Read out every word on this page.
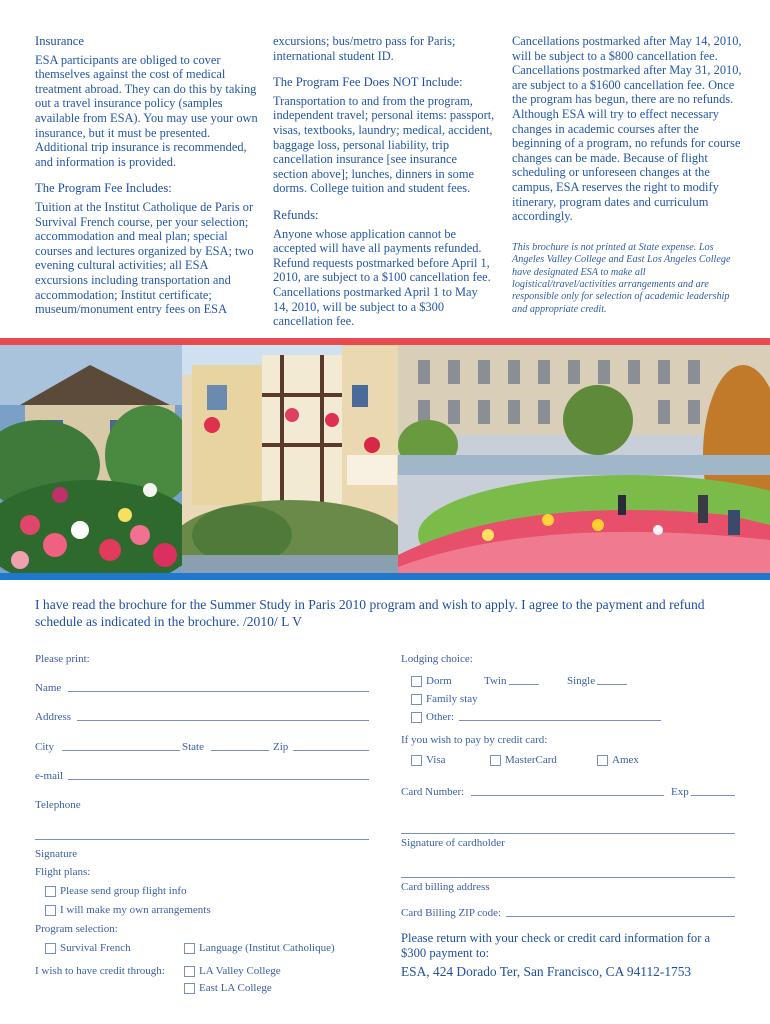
Insurance

ESA participants are obliged to cover themselves against the cost of medical treatment abroad. They can do this by taking out a travel insurance policy (samples available from ESA). You may use your own insurance, but it must be presented. Additional trip insurance is recommended, and information is provided.

The Program Fee Includes:

Tuition at the Institut Catholique de Paris or Survival French course, per your selection; accommodation and meal plan; special courses and lectures organized by ESA; two evening cultural activities; all ESA excursions including transportation and accommodation; Institut certificate; museum/monument entry fees on ESA

excursions; bus/metro pass for Paris; international student ID.

The Program Fee Does NOT Include:

Transportation to and from the program, independent travel; personal items: passport, visas, textbooks, laundry; medical, accident, baggage loss, personal liability, trip cancellation insurance [see insurance section above]; lunches, dinners in some dorms. College tuition and student fees.

Refunds:

Anyone whose application cannot be accepted will have all payments refunded. Refund requests postmarked before April 1, 2010, are subject to a $100 cancellation fee. Cancellations postmarked April 1 to May 14, 2010, will be subject to a $300 cancellation fee.

Cancellations postmarked after May 14, 2010, will be subject to a $800 cancellation fee. Cancellations postmarked after May 31, 2010, are subject to a $1600 cancellation fee. Once the program has begun, there are no refunds. Although ESA will try to effect necessary changes in academic courses after the beginning of a program, no refunds for course changes can be made. Because of flight scheduling or unforeseen changes at the campus, ESA reserves the right to modify itinerary, program dates and curriculum accordingly.

This brochure is not printed at State expense. Los Angeles Valley College and East Los Angeles College have designated ESA to make all logistical/travel/activities arrangements and are responsible only for selection of academic leadership and appropriate credit.
I have read the brochure for the Summer Study in Paris 2010 program and wish to apply. I agree to the payment and refund schedule as indicated in the brochure. /2010/ L V
Please print:
Name
Address
City	State	Zip
e-mail
Telephone
Signature
Flight plans:
Please send group flight info
I will make my own arrangements
Program selection:
Survival French	Language (Institut Catholique)
I wish to have credit through:	LA Valley College
East LA College
Lodging choice:
Dorm	Twin	Single
Family stay
Other:
If you wish to pay by credit card:
Visa	MasterCard	Amex
Card Number:	Exp
Signature of cardholder
Card billing address
Card Billing ZIP code:
Please return with your check or credit card information for a $300 payment to:
ESA, 424 Dorado Ter, San Francisco, CA 94112-1753
